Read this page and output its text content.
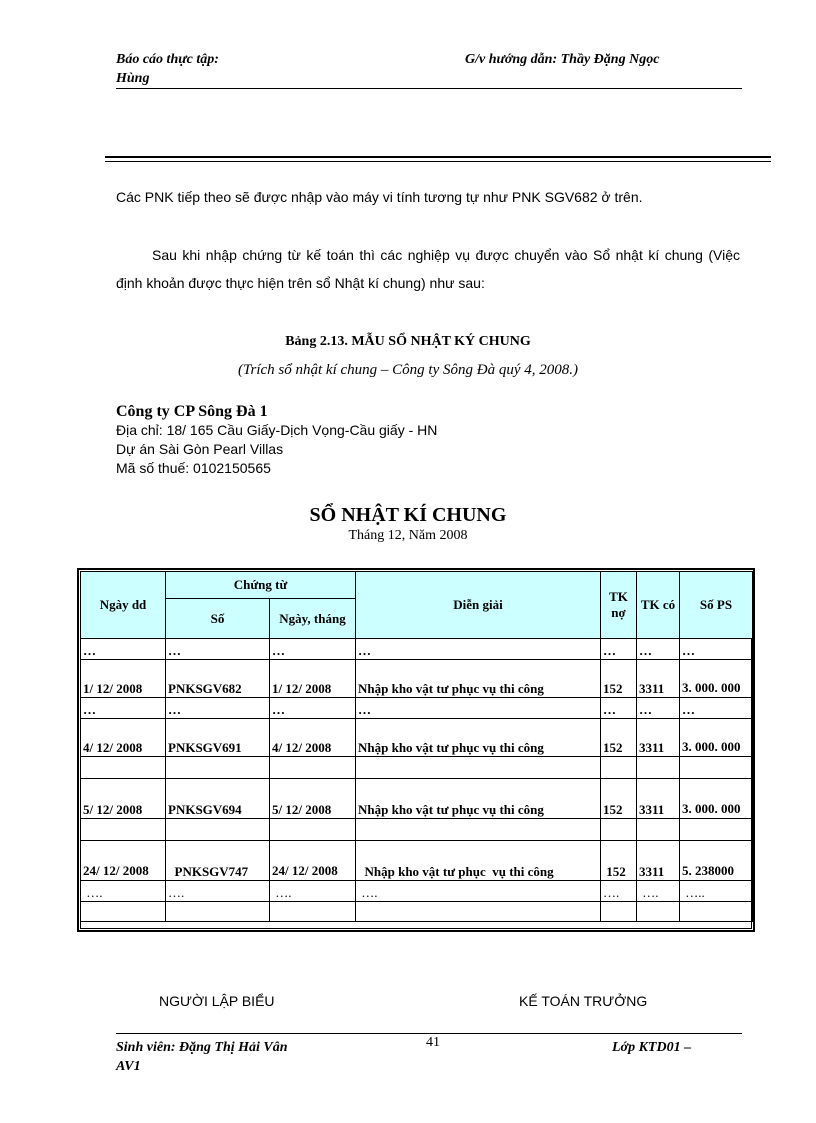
Báo cáo thực tập:
Hùng
G/v hướng dẫn: Thầy Đặng Ngọc
Các PNK tiếp theo sẽ được nhập vào máy vi tính tương tự như PNK SGV682 ở trên.
Sau khi nhập chứng từ kế toán thì các nghiệp vụ được chuyển vào Sổ nhật kí chung (Việc định khoản được thực hiện trên sổ Nhật kí chung) như sau:
Bảng 2.13. MẪU SỔ NHẬT KÝ CHUNG
(Trích sổ nhật kí chung – Công ty Sông Đà quý 4, 2008.)
Công ty CP Sông Đà 1
Địa chỉ: 18/ 165 Cầu Giấy-Dịch Vọng-Cầu giấy - HN
Dự án Sài Gòn Pearl Villas
Mã số thuế: 0102150565
SỔ NHẬT KÍ CHUNG
Tháng 12, Năm 2008
Ngày dd	Chứng từ		Diễn giải	TK nợ	TK có	Số PS
	Số	Ngày, tháng				
…	…	…	…	…	…	…
1/ 12/ 2008	PNKSGV682	1/ 12/ 2008	Nhập kho vật tư phục vụ thi công	152	3311	3. 000. 000
…	…	…	…	…	…	…
4/ 12/ 2008	PNKSGV691	4/ 12/ 2008	Nhập kho vật tư phục vụ thi công	152	3311	3. 000. 000

5/ 12/ 2008	PNKSGV694	5/ 12/ 2008	Nhập kho vật tư phục vụ thi công	152	3311	3. 000. 000

24/ 12/ 2008	PNKSGV747	24/ 12/ 2008	Nhập kho vật tư phục  vụ thi công	152	3311	5. 238000
….	….	….	….	….	….	…..

NGƯỜI LẬP BIỂU	KẾ TOÁN TRƯỞNG
Sinh viên: Đặng Thị Hải Vân
AV1
41	Lớp KTD01 –
